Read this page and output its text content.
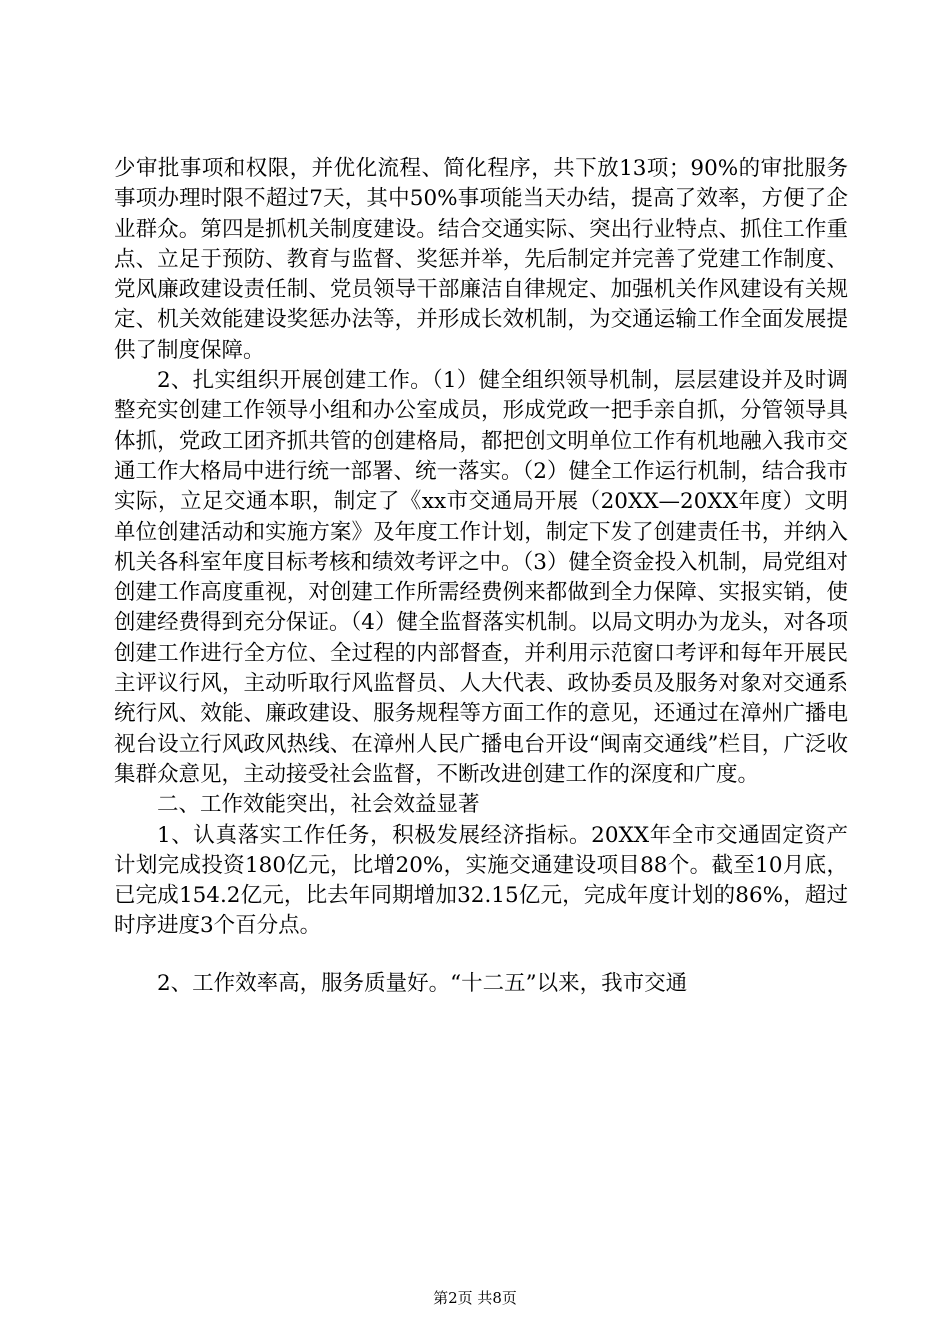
少审批事项和权限，并优化流程、简化程序，共下放13项；90%的审批服务事项办理时限不超过7天，其中50%事项能当天办结，提高了效率，方便了企业群众。第四是抓机关制度建设。结合交通实际、突出行业特点、抓住工作重点、立足于预防、教育与监督、奖惩并举，先后制定并完善了党建工作制度、党风廉政建设责任制、党员领导干部廉洁自律规定、加强机关作风建设有关规定、机关效能建设奖惩办法等，并形成长效机制，为交通运输工作全面发展提供了制度保障。

2、扎实组织开展创建工作。（1）健全组织领导机制，层层建设并及时调整充实创建工作领导小组和办公室成员，形成党政一把手亲自抓，分管领导具体抓，党政工团齐抓共管的创建格局，都把创文明单位工作有机地融入我市交通工作大格局中进行统一部署、统一落实。（2）健全工作运行机制，结合我市实际，立足交通本职，制定了《xx市交通局开展（20XX—20XX年度）文明单位创建活动和实施方案》及年度工作计划，制定下发了创建责任书，并纳入机关各科室年度目标考核和绩效考评之中。（3）健全资金投入机制，局党组对创建工作高度重视，对创建工作所需经费例来都做到全力保障、实报实销，使创建经费得到充分保证。（4）健全监督落实机制。以局文明办为龙头，对各项创建工作进行全方位、全过程的内部督查，并利用示范窗口考评和每年开展民主评议行风，主动听取行风监督员、人大代表、政协委员及服务对象对交通系统行风、效能、廉政建设、服务规程等方面工作的意见，还通过在漳州广播电视台设立行风政风热线、在漳州人民广播电台开设“闽南交通线”栏目，广泛收集群众意见，主动接受社会监督，不断改进创建工作的深度和广度。

二、工作效能突出，社会效益显著

1、认真落实工作任务，积极发展经济指标。20XX年全市交通固定资产计划完成投资180亿元，比增20%，实施交通建设项目88个。截至10月底，已完成154.2亿元，比去年同期增加32.15亿元，完成年度计划的86%，超过时序进度3个百分点。

2、工作效率高，服务质量好。“十二五”以来，我市交通

第2页 共8页
